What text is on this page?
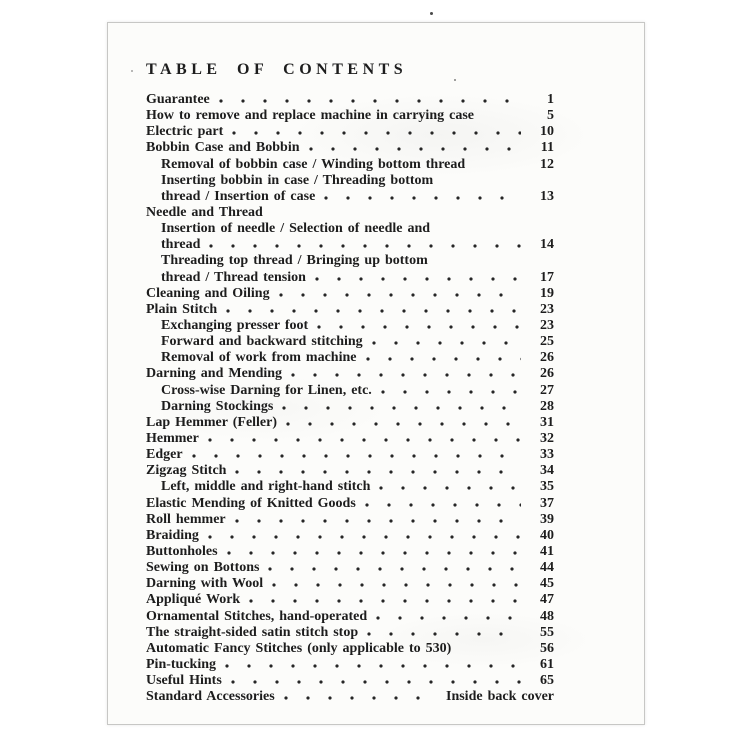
TABLE OF CONTENTS
Guarantee	1
How to remove and replace machine in carrying case	5
Electric part	10
Bobbin Case and Bobbin	11
Removal of bobbin case / Winding bottom thread	12
Inserting bobbin in case / Threading bottom
thread / Insertion of case	13
Needle and Thread
Insertion of needle / Selection of needle and
thread	14
Threading top thread / Bringing up bottom
thread / Thread tension	17
Cleaning and Oiling	19
Plain Stitch	23
Exchanging presser foot	23
Forward and backward stitching	25
Removal of work from machine	26
Darning and Mending	26
Cross-wise Darning for Linen, etc.	27
Darning Stockings	28
Lap Hemmer (Feller)	31
Hemmer	32
Edger	33
Zigzag Stitch	34
Left, middle and right-hand stitch	35
Elastic Mending of Knitted Goods	37
Roll hemmer	39
Braiding	40
Buttonholes	41
Sewing on Bottons	44
Darning with Wool	45
Appliqué Work	47
Ornamental Stitches, hand-operated	48
The straight-sided satin stitch stop	55
Automatic Fancy Stitches (only applicable to 530)	56
Pin-tucking	61
Useful Hints	65
Standard Accessories	Inside back cover
